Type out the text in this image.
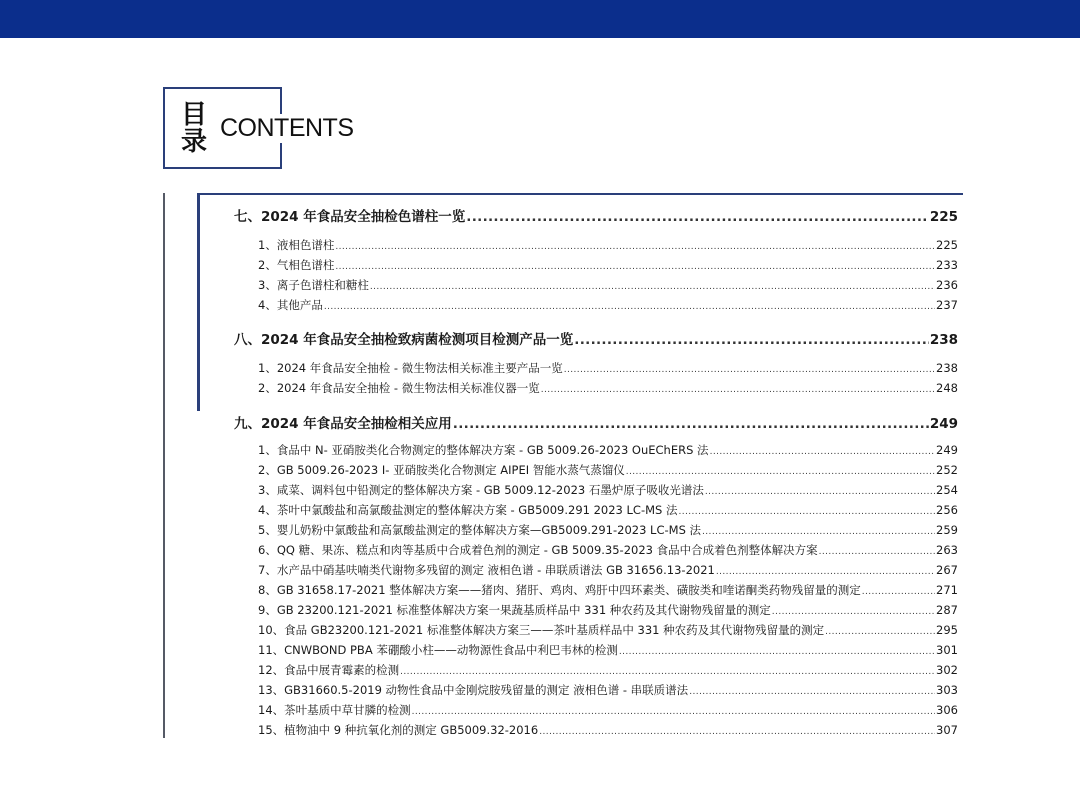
目
录 CONTENTS
七、2024 年食品安全抽检色谱柱一览 .....	225
1、液相色谱柱 .....	225
2、气相色谱柱 .....	233
3、离子色谱柱和糖柱 .....	236
4、其他产品 .....	237
八、2024 年食品安全抽检致病菌检测项目检测产品一览 .....	238
1、2024 年食品安全抽检 - 微生物法相关标准主要产品一览 .....	238
2、2024 年食品安全抽检 - 微生物法相关标准仪器一览 .....	248
九、2024 年食品安全抽检相关应用 .....	249
1、食品中 N- 亚硝胺类化合物测定的整体解决方案 - GB 5009.26-2023 OuEChERS 法 .....	249
2、GB 5009.26-2023 I- 亚硝胺类化合物测定 AIPEI 智能水蒸气蒸馏仪 .....	252
3、咸菜、调料包中铅测定的整体解决方案 - GB 5009.12-2023 石墨炉原子吸收光谱法 .....	254
4、茶叶中氯酸盐和高氯酸盐测定的整体解决方案 - GB5009.291 2023 LC-MS 法 .....	256
5、婴儿奶粉中氯酸盐和高氯酸盐测定的整体解决方案—GB5009.291-2023 LC-MS 法 .....	259
6、QQ 糖、果冻、糕点和肉等基质中合成着色剂的测定 - GB 5009.35-2023 食品中合成着色剂整体解决方案 .....	263
7、水产品中硝基呋喃类代谢物多残留的测定 液相色谱 - 串联质谱法 GB 31656.13-2021 .....	267
8、GB 31658.17-2021 整体解决方案——猪肉、猪肝、鸡肉、鸡肝中四环素类、磺胺类和喹诺酮类药物残留量的测定 .....	271
9、GB 23200.121-2021 标准整体解决方案一果蔬基质样品中 331 种农药及其代谢物残留量的测定 .....	287
10、食品 GB23200.121-2021 标准整体解决方案三——茶叶基质样品中 331 种农药及其代谢物残留量的测定 .....	295
11、CNWBOND PBA 苯硼酸小柱——动物源性食品中利巴韦林的检测 .....	301
12、食品中展青霉素的检测 .....	302
13、GB31660.5-2019 动物性食品中金刚烷胺残留量的测定 液相色谱 - 串联质谱法 .....	303
14、茶叶基质中草甘膦的检测 .....	306
15、植物油中 9 种抗氧化剂的测定 GB5009.32-2016 .....	307
